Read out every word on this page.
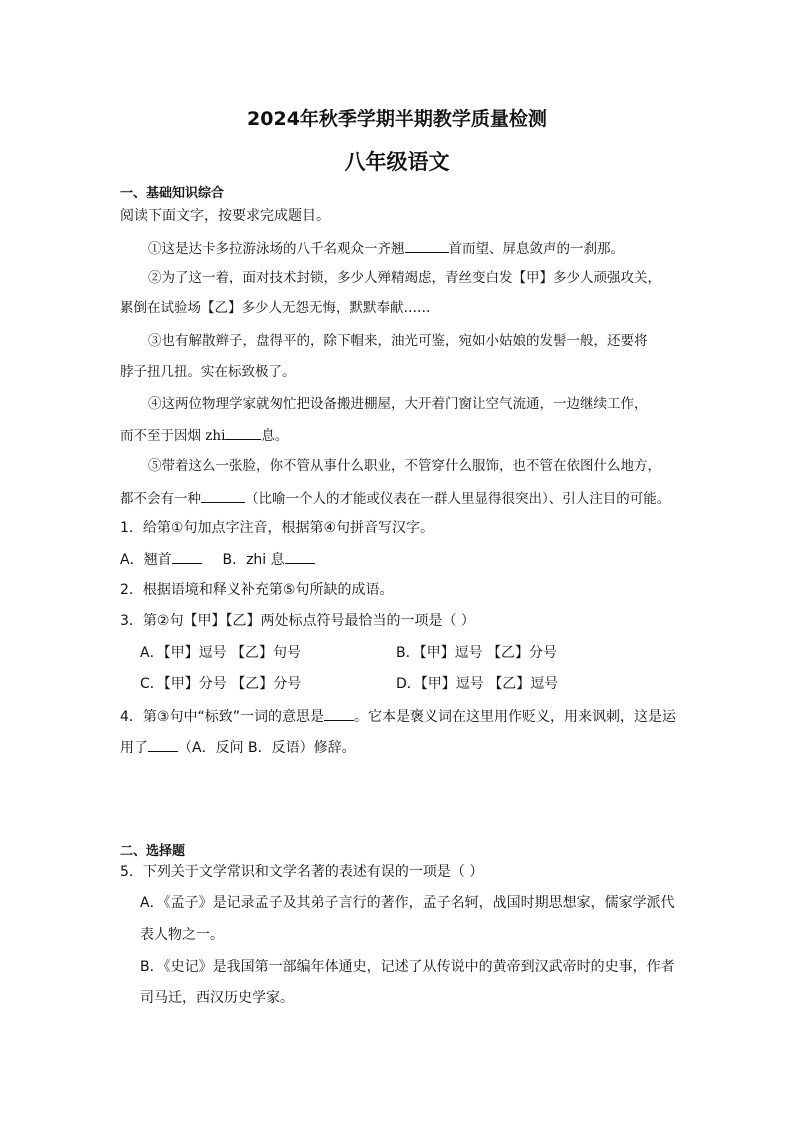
2024年秋季学期半期教学质量检测
八年级语文
一、基础知识综合
阅读下面文字，按要求完成题目。
①这是达卡多拉游泳场的八千名观众一齐翘	首而望、屏息敛声的一刹那。
②为了这一着，面对技术封锁，多少人殚精竭虑，青丝变白发【甲】多少人顽强攻关，
累倒在试验场【乙】多少人无怨无悔，默默奉献……
③也有解散辫子，盘得平的，除下帽来，油光可鉴，宛如小姑娘的发髻一般，还要将
脖子扭几扭。实在标致极了。
④这两位物理学家就匆忙把设备搬进棚屋，大开着门窗让空气流通，一边继续工作，
而不至于因烟 zhi	息。
⑤带着这么一张脸，你不管从事什么职业，不管穿什么服饰，也不管在依图什么地方，
都不会有一种	（比喻一个人的才能或仪表在一群人里显得很突出）、引人注目的可能。
1．给第①句加点字注音，根据第④句拼音写汉字。
A．翘首	B．zhi 息
2．根据语境和释义补充第⑤句所缺的成语。
3．第②句【甲】【乙】两处标点符号最恰当的一项是（ ）
A．【甲】逗号 【乙】句号	B．【甲】逗号 【乙】分号
C．【甲】分号 【乙】分号	D．【甲】逗号 【乙】逗号
4．第③句中“标致”一词的意思是 。它本是褒义词在这里用作贬义，用来讽刺，这是运
用了 （A．反问 B．反语）修辞。
二、选择题
5．下列关于文学常识和文学名著的表述有误的一项是（ ）
A．《孟子》是记录孟子及其弟子言行的著作，孟子名轲，战国时期思想家，儒家学派代
表人物之一。
B．《史记》是我国第一部编年体通史，记述了从传说中的黄帝到汉武帝时的史事，作者
司马迁，西汉历史学家。
